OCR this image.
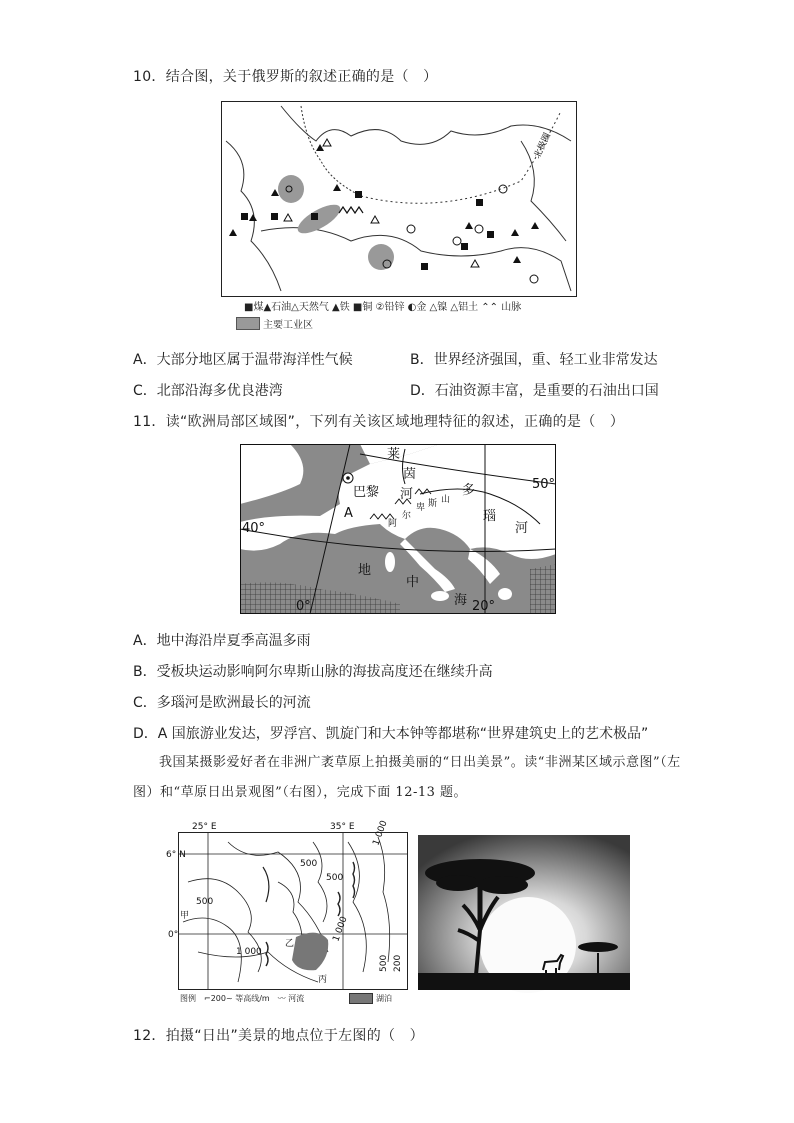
10．结合图，关于俄罗斯的叙述正确的是（　）
北极圈
■煤▲石油△天然气 ▲铁 ■铜 ②铅锌 ◐金 △镍 △铝土 ⌃⌃ 山脉
主要工业区
A．大部分地区属于温带海洋性气候	B．世界经济强国，重、轻工业非常发达
C．北部沿海多优良港湾	D．石油资源丰富，是重要的石油出口国
11．读“欧洲局部区域图”，下列有关该区域地理特征的叙述，正确的是（　）
莱
茵
河
巴黎
A
50°
40°
0°	20°
多
瑙
河
阿
尔
卑 斯 山
地
中
海
A．地中海沿岸夏季高温多雨
B．受板块运动影响阿尔卑斯山脉的海拔高度还在继续升高
C．多瑙河是欧洲最长的河流
D．A 国旅游业发达，罗浮宫、凯旋门和大本钟等都堪称“世界建筑史上的艺术极品”
我国某摄影爱好者在非洲广袤草原上拍摄美丽的“日出美景”。读“非洲某区域示意图”（左图）和“草原日出景观图”（右图），完成下面 12-13 题。
25° E	35° E
6° N
0°
500
500
1 000
1 000
500
500
1 000
200
甲
乙
丙
图例　⌐200~ 等高线/m　〰 河流	湖泊
12．拍摄“日出”美景的地点位于左图的（　）
